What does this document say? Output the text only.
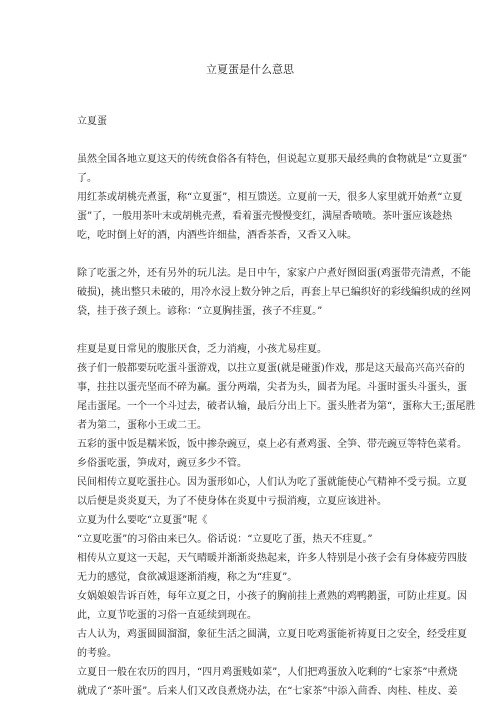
立夏蛋是什么意思
立夏蛋
虽然全国各地立夏这天的传统食俗各有特色，但说起立夏那天最经典的食物就是“立夏蛋”
了。
用红茶或胡桃壳煮蛋，称“立夏蛋”，相互馈送。立夏前一天，很多人家里就开始煮“立夏
蛋”了，一般用茶叶末或胡桃壳煮，看着蛋壳慢慢变红，满屋香喷喷。茶叶蛋应该趁热
吃，吃时倒上好的酒，内酒些许细盐，酒香茶香，又香又入味。
除了吃蛋之外，还有另外的玩儿法。是日中午，家家户户煮好囫囵蛋(鸡蛋带壳清煮，不能
破损)，挑出整只未破的，用冷水浸上数分钟之后，再套上早已编织好的彩线编织成的丝网
袋，挂于孩子颈上。谚称：“立夏胸挂蛋，孩子不疰夏。”
疰夏是夏日常见的腹胀厌食，乏力消瘦，小孩尤易疰夏。
孩子们一般都要玩吃蛋斗蛋游戏，以拄立夏蛋(就是碰蛋)作戏，那是这天最高兴高兴奋的
事，拄拄以蛋壳坚而不碎为赢。蛋分两端，尖者为头，圆者为尾。斗蛋时蛋头斗蛋头，蛋
尾击蛋尾。一个一个斗过去，破者认输，最后分出上下。蛋头胜者为第“，蛋称大王;蛋尾胜
者为第二，蛋称小王或二王。
五彩的蛋中饭是糯米饭，饭中掺杂豌豆，桌上必有煮鸡蛋、全笋、带壳豌豆等特色菜肴。
乡俗蛋吃蛋，笋成对，豌豆多少不管。
民间相传立夏吃蛋拄心。因为蛋形如心，人们认为吃了蛋就能使心气精神不受亏损。立夏
以后便是炎炎夏天，为了不使身体在炎夏中亏损消瘦，立夏应该进补。
立夏为什么要吃“立夏蛋”呢《
“立夏吃蛋”的习俗由来已久。俗话说：“立夏吃了蛋，热天不疰夏。”
相传从立夏这一天起，天气晴暖并渐渐炎热起来，许多人特别是小孩子会有身体疲劳四肢
无力的感觉，食欲减退逐渐消瘦，称之为“疰夏”。
女娲娘娘告诉百姓，每年立夏之日，小孩子的胸前挂上煮熟的鸡鸭鹅蛋，可防止疰夏。因
此，立夏节吃蛋的习俗一直延续到现在。
古人认为，鸡蛋圆圆溜溜，象征生活之圆满，立夏日吃鸡蛋能祈祷夏日之安全，经受疰夏
的考验。
立夏日一般在农历的四月，“四月鸡蛋贱如菜”，人们把鸡蛋放入吃剩的“七家茶”中煮烧
就成了“茶叶蛋”。后来人们又改良煮烧办法，在“七家茶”中添入茴香、肉桂、桂皮、姜
